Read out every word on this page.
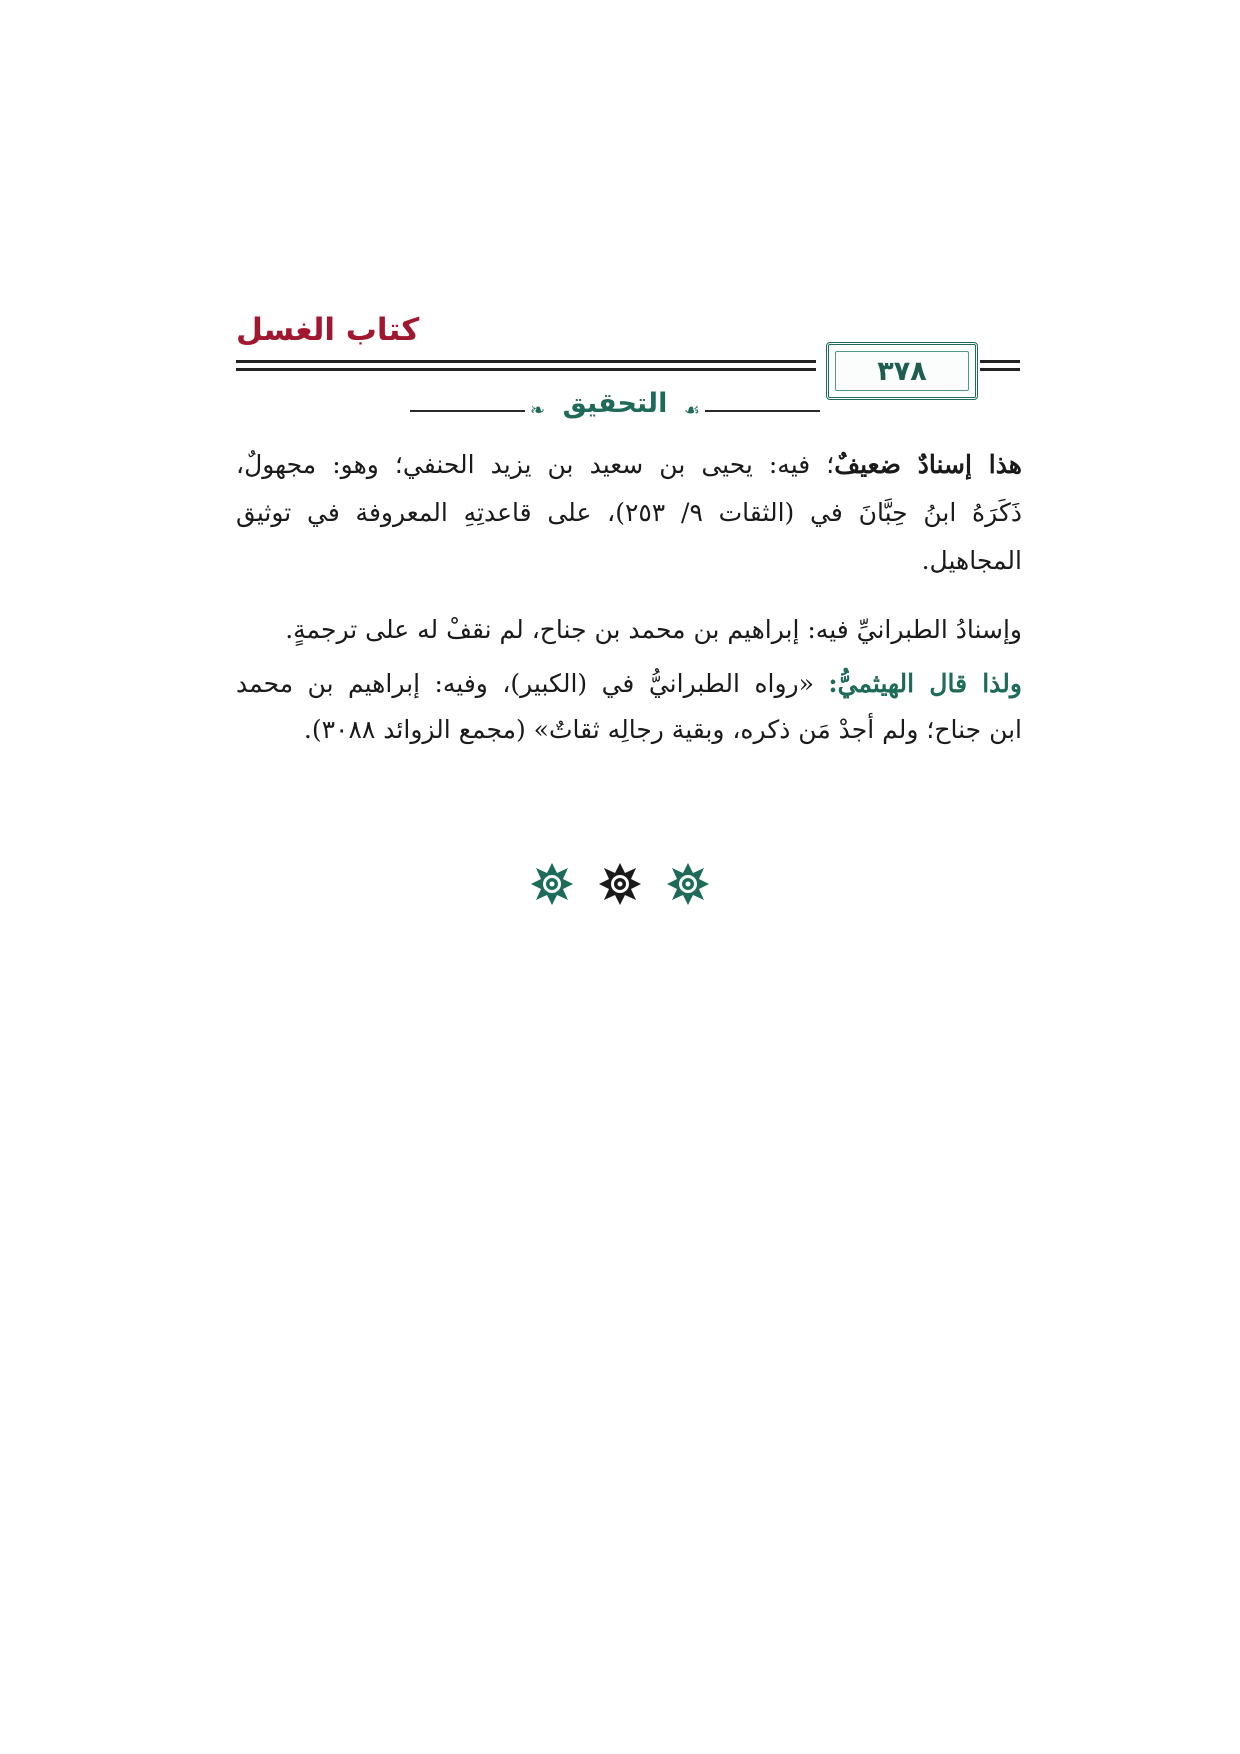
كتاب الغسل
٣٧٨
❧ التحقيق ☙
هذا إسنادٌ ضعيفٌ؛ فيه: يحيى بن سعيد بن يزيد الحنفي؛ وهو: مجهولٌ،
ذَكَرَهُ ابنُ حِبَّانَ في (الثقات ٩/ ٢٥٣)، على قاعدتِهِ المعروفة في توثيق
المجاهيل.
وإسنادُ الطبرانيِّ فيه: إبراهيم بن محمد بن جناح، لم نقفْ له على ترجمةٍ.
ولذا قال الهيثميُّ: «رواه الطبرانيُّ في (الكبير)، وفيه: إبراهيم بن محمد
ابن جناح؛ ولم أجدْ مَن ذكره، وبقية رجالِه ثقاتٌ» (مجمع الزوائد ٣٠٨٨).
